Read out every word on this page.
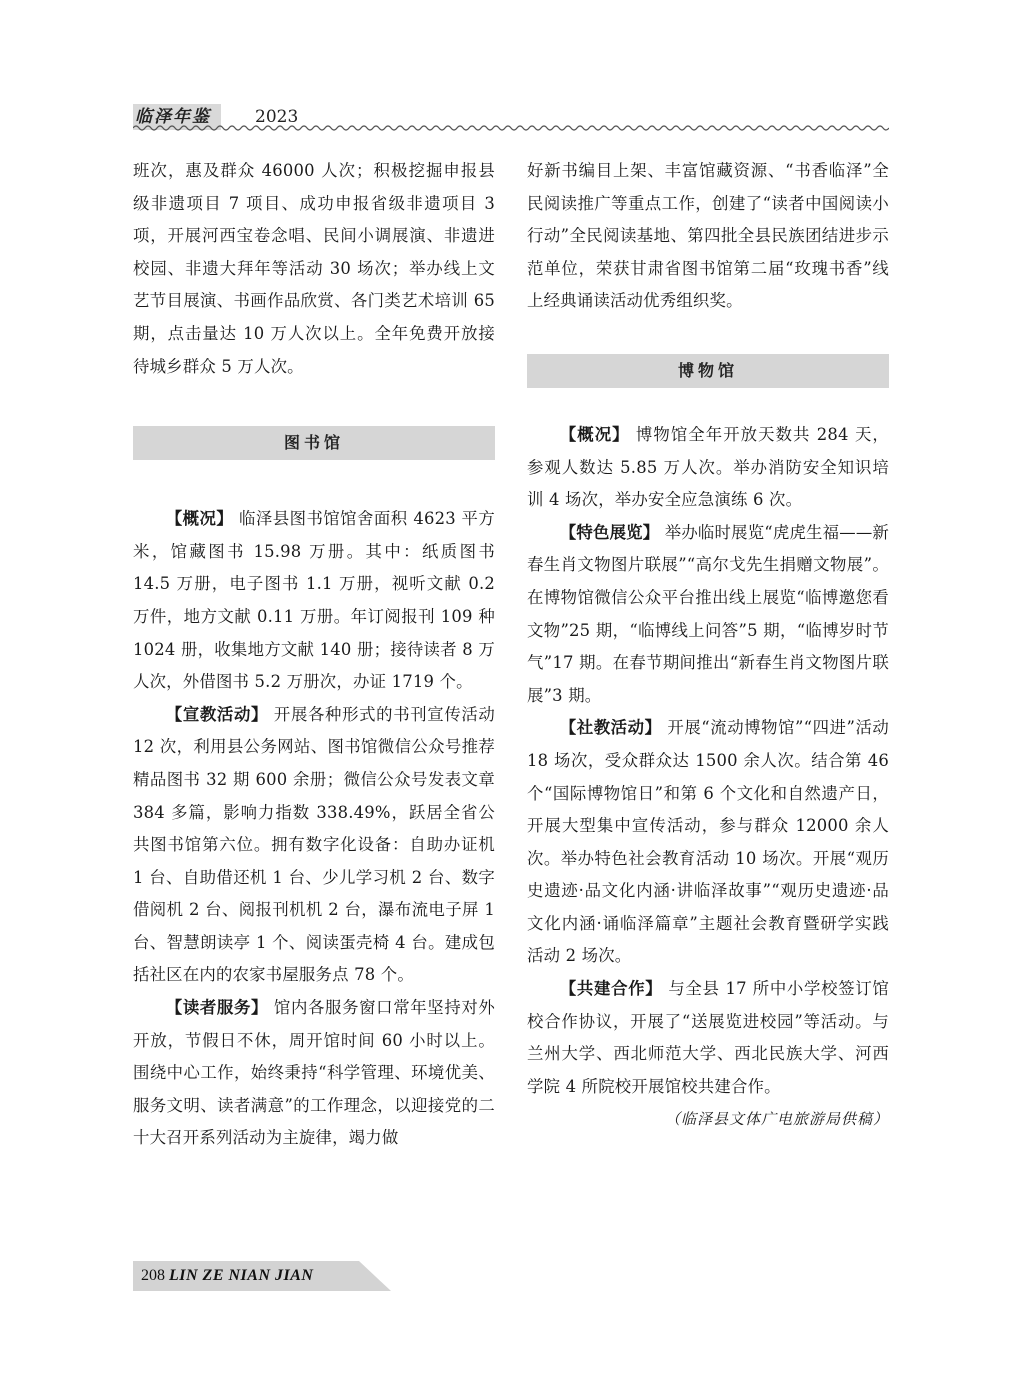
临泽年鉴	2023

班次，惠及群众 46000 人次；积极挖掘申报县级非遗项目 7 项目、成功申报省级非遗项目 3 项，开展河西宝卷念唱、民间小调展演、非遗进校园、非遗大拜年等活动 30 场次；举办线上文艺节目展演、书画作品欣赏、各门类艺术培训 65 期，点击量达 10 万人次以上。全年免费开放接待城乡群众 5 万人次。

图书馆

【概况】 临泽县图书馆馆舍面积 4623 平方米，馆藏图书 15.98 万册。其中：纸质图书 14.5 万册，电子图书 1.1 万册，视听文献 0.2 万件，地方文献 0.11 万册。年订阅报刊 109 种 1024 册，收集地方文献 140 册；接待读者 8 万人次，外借图书 5.2 万册次，办证 1719 个。

【宣教活动】 开展各种形式的书刊宣传活动 12 次，利用县公务网站、图书馆微信公众号推荐精品图书 32 期 600 余册；微信公众号发表文章 384 多篇，影响力指数 338.49%，跃居全省公共图书馆第六位。拥有数字化设备：自助办证机 1 台、自助借还机 1 台、少儿学习机 2 台、数字借阅机 2 台、阅报刊机机 2 台，瀑布流电子屏 1 台、智慧朗读亭 1 个、阅读蛋壳椅 4 台。建成包括社区在内的农家书屋服务点 78 个。

【读者服务】 馆内各服务窗口常年坚持对外开放，节假日不休，周开馆时间 60 小时以上。围绕中心工作，始终秉持“科学管理、环境优美、服务文明、读者满意”的工作理念，以迎接党的二十大召开系列活动为主旋律，竭力做

好新书编目上架、丰富馆藏资源、“书香临泽”全民阅读推广等重点工作，创建了“读者中国阅读小行动”全民阅读基地、第四批全县民族团结进步示范单位，荣获甘肃省图书馆第二届“玫瑰书香”线上经典诵读活动优秀组织奖。

博物馆

【概况】 博物馆全年开放天数共 284 天，参观人数达 5.85 万人次。举办消防安全知识培训 4 场次，举办安全应急演练 6 次。

【特色展览】 举办临时展览“虎虎生福——新春生肖文物图片联展”“高尔戈先生捐赠文物展”。在博物馆微信公众平台推出线上展览“临博邀您看文物”25 期，“临博线上问答”5 期，“临博岁时节气”17 期。在春节期间推出“新春生肖文物图片联展”3 期。

【社教活动】 开展“流动博物馆”“四进”活动 18 场次，受众群众达 1500 余人次。结合第 46 个“国际博物馆日”和第 6 个文化和自然遗产日，开展大型集中宣传活动，参与群众 12000 余人次。举办特色社会教育活动 10 场次。开展“观历史遗迹·品文化内涵·讲临泽故事”“观历史遗迹·品文化内涵·诵临泽篇章”主题社会教育暨研学实践活动 2 场次。

【共建合作】 与全县 17 所中小学校签订馆校合作协议，开展了“送展览进校园”等活动。与兰州大学、西北师范大学、西北民族大学、河西学院 4 所院校开展馆校共建合作。

（临泽县文体广电旅游局供稿）
208 LIN ZE NIAN JIAN
